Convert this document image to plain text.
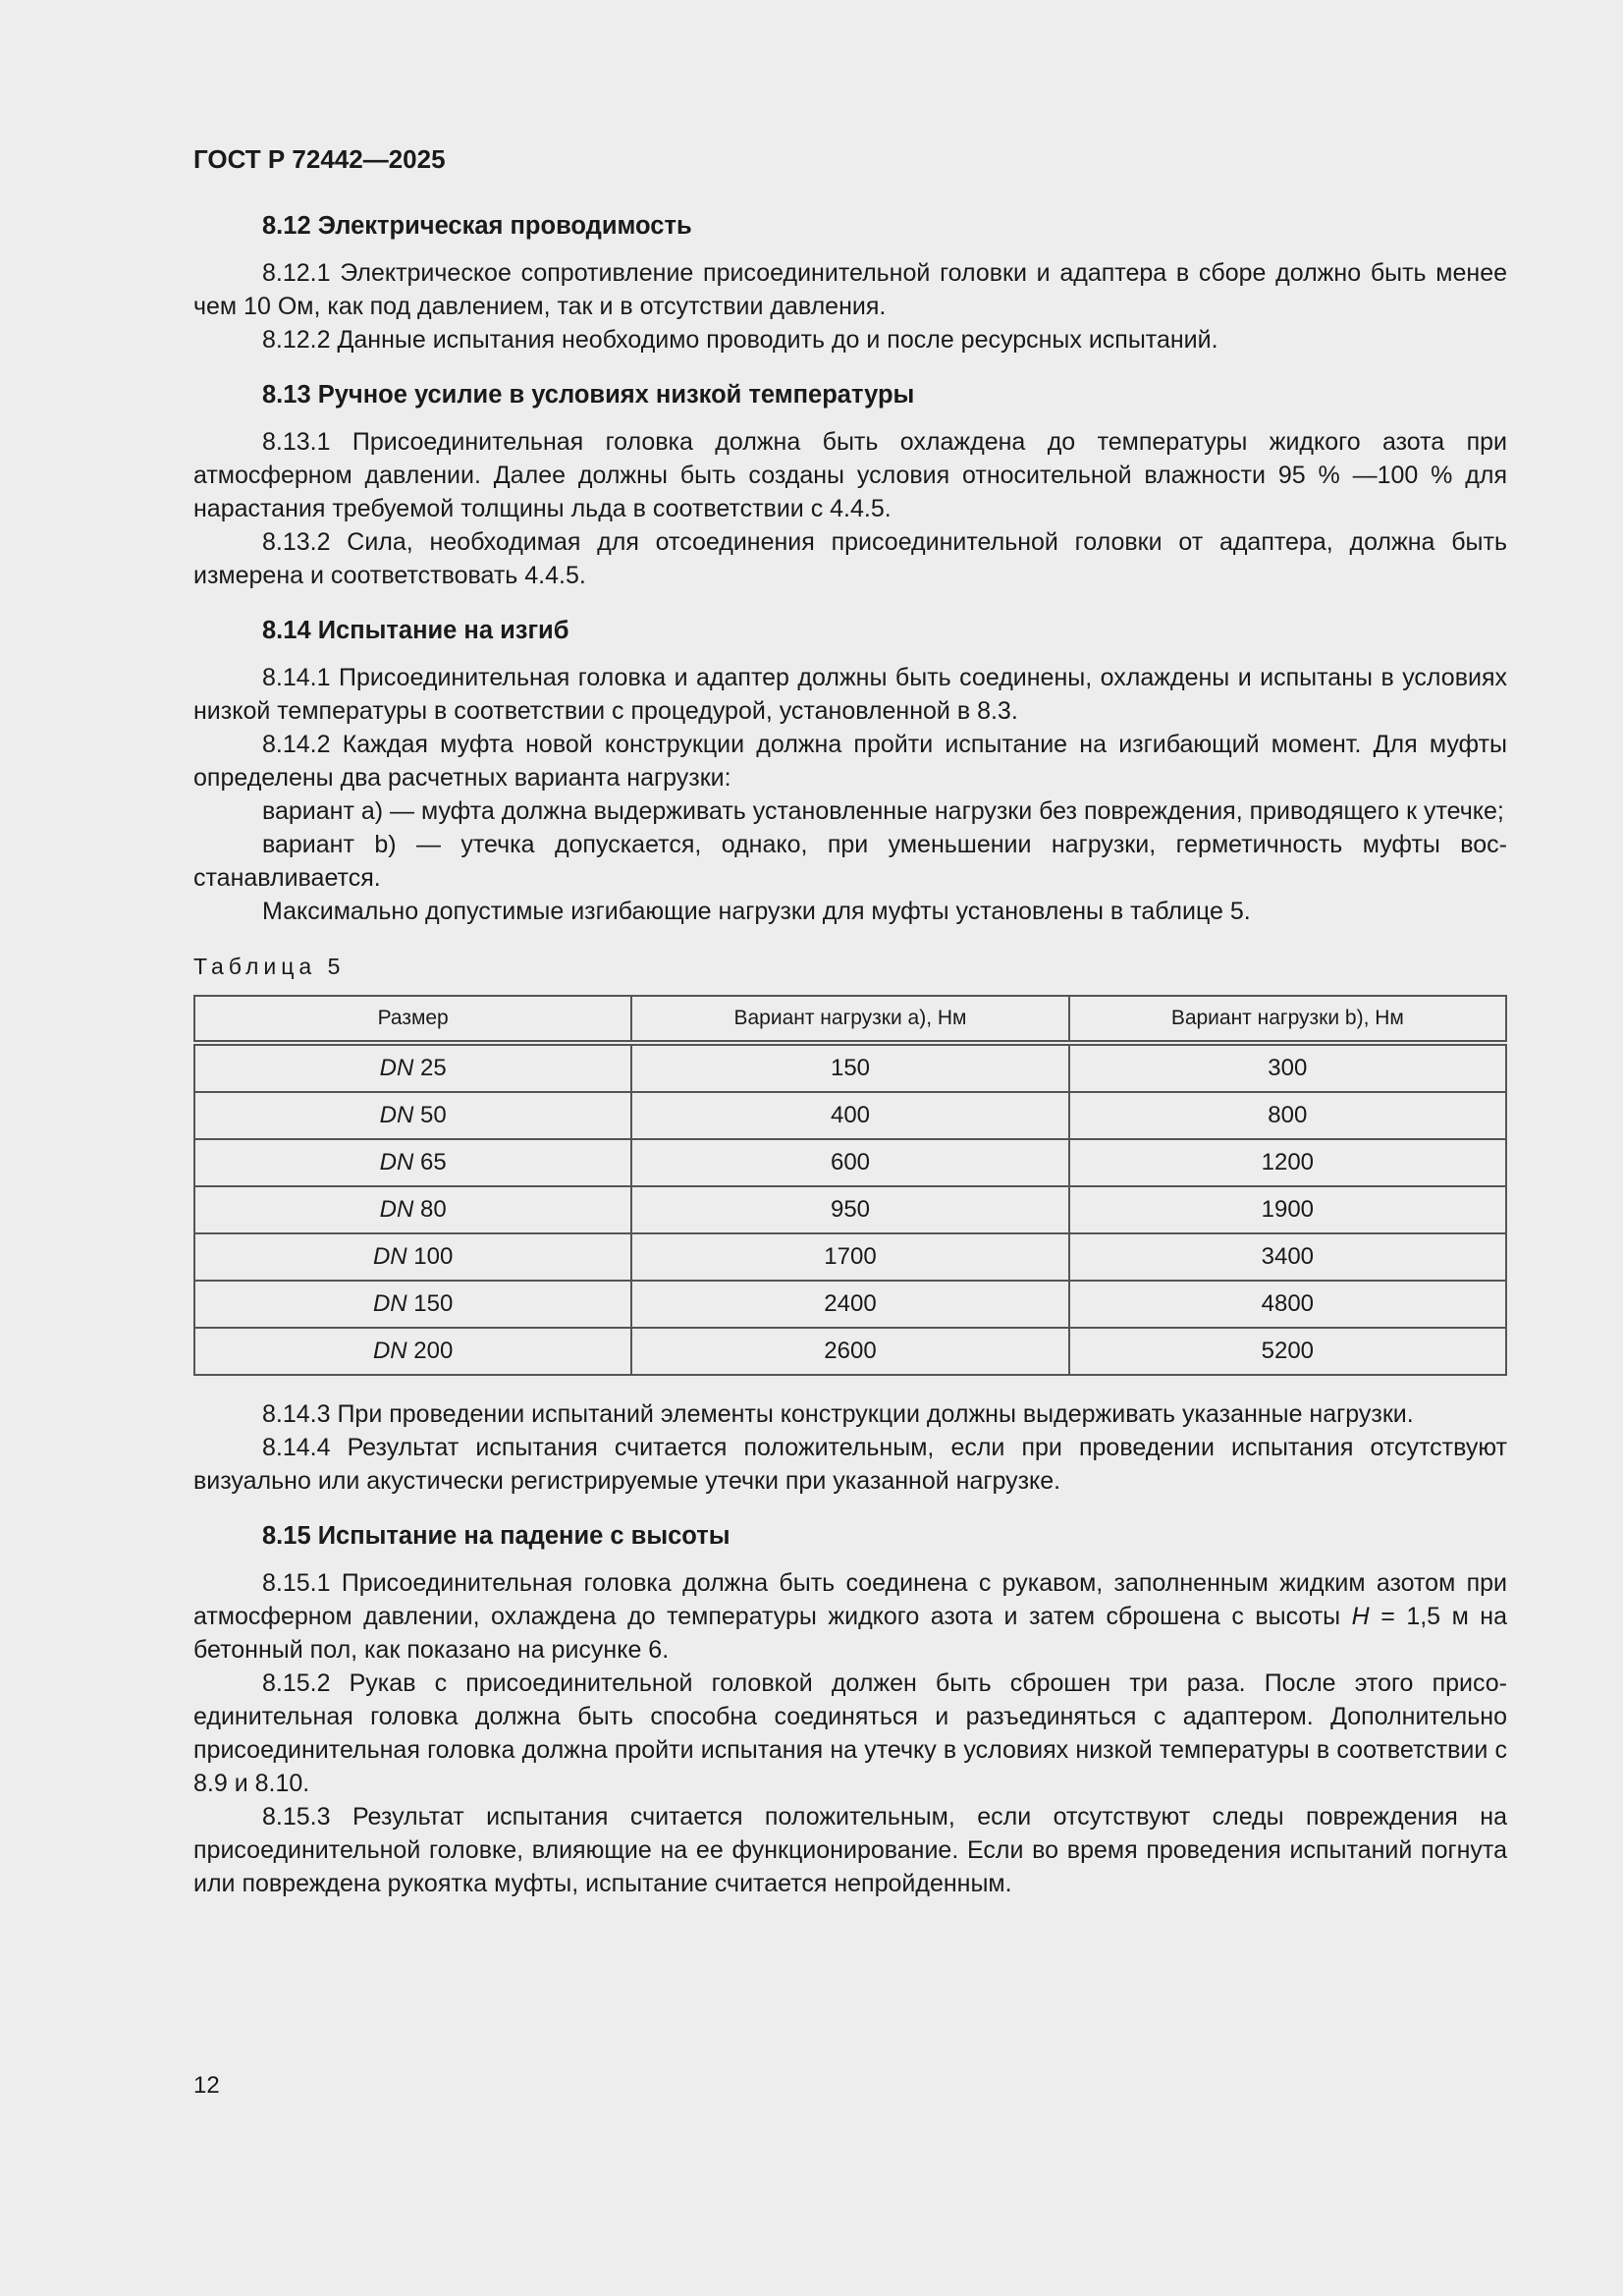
ГОСТ Р 72442—2025
8.12 Электрическая проводимость

8.12.1 Электрическое сопротивление присоединительной головки и адаптера в сборе должно быть менее чем 10 Ом, как под давлением, так и в отсутствии давления.

8.12.2 Данные испытания необходимо проводить до и после ресурсных испытаний.

8.13 Ручное усилие в условиях низкой температуры

8.13.1 Присоединительная головка должна быть охлаждена до температуры жидкого азота при атмосферном давлении. Далее должны быть созданы условия относительной влажности 95 % —100 % для нарастания требуемой толщины льда в соответствии с 4.4.5.

8.13.2 Сила, необходимая для отсоединения присоединительной головки от адаптера, должна быть измерена и соответствовать 4.4.5.

8.14 Испытание на изгиб

8.14.1 Присоединительная головка и адаптер должны быть соединены, охлаждены и испытаны в условиях низкой температуры в соответствии с процедурой, установленной в 8.3.

8.14.2 Каждая муфта новой конструкции должна пройти испытание на изгибающий момент. Для муфты определены два расчетных варианта нагрузки:

вариант a) — муфта должна выдерживать установленные нагрузки без повреждения, приводящего к утечке;

вариант b) — утечка допускается, однако, при уменьшении нагрузки, герметичность муфты восстанавливается.

Максимально допустимые изгибающие нагрузки для муфты установлены в таблице 5.

Таблица 5
Размер	Вариант нагрузки a), Нм	Вариант нагрузки b), Нм
DN 25	150	300
DN 50	400	800
DN 65	600	1200
DN 80	950	1900
DN 100	1700	3400
DN 150	2400	4800
DN 200	2600	5200

8.14.3 При проведении испытаний элементы конструкции должны выдерживать указанные нагрузки.

8.14.4 Результат испытания считается положительным, если при проведении испытания отсутствуют визуально или акустически регистрируемые утечки при указанной нагрузке.

8.15 Испытание на падение с высоты

8.15.1 Присоединительная головка должна быть соединена с рукавом, заполненным жидким азотом при атмосферном давлении, охлаждена до температуры жидкого азота и затем сброшена с высоты H = 1,5 м на бетонный пол, как показано на рисунке 6.

8.15.2 Рукав с присоединительной головкой должен быть сброшен три раза. После этого присоединительная головка должна быть способна соединяться и разъединяться с адаптером. Дополнительно присоединительная головка должна пройти испытания на утечку в условиях низкой температуры в соответствии с 8.9 и 8.10.

8.15.3 Результат испытания считается положительным, если отсутствуют следы повреждения на присоединительной головке, влияющие на ее функционирование. Если во время проведения испытаний погнута или повреждена рукоятка муфты, испытание считается непройденным.

12
